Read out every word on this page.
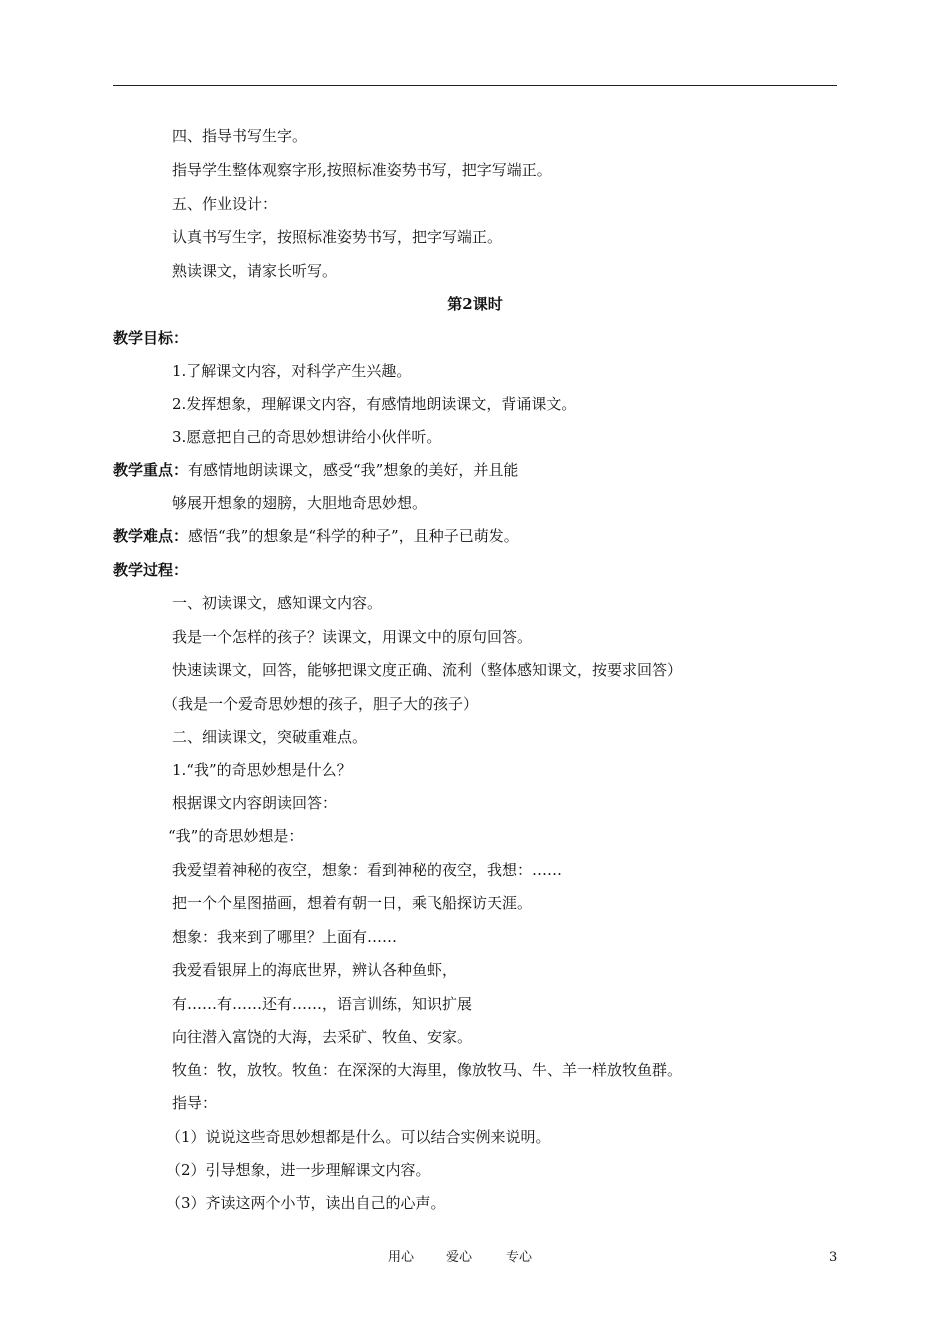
四、指导书写生字。
指导学生整体观察字形,按照标准姿势书写，把字写端正。
五、作业设计：
认真书写生字，按照标准姿势书写，把字写端正。
熟读课文，请家长听写。
第2课时
教学目标：
1.了解课文内容，对科学产生兴趣。
2.发挥想象，理解课文内容，有感情地朗读课文，背诵课文。
3.愿意把自己的奇思妙想讲给小伙伴听。
教学重点：有感情地朗读课文，感受“我”想象的美好，并且能
够展开想象的翅膀，大胆地奇思妙想。
教学难点：感悟“我”的想象是“科学的种子”，且种子已萌发。
教学过程：
一、初读课文，感知课文内容。
我是一个怎样的孩子？读课文，用课文中的原句回答。
快速读课文，回答，能够把课文度正确、流利（整体感知课文，按要求回答）
（我是一个爱奇思妙想的孩子，胆子大的孩子）
二、细读课文，突破重难点。
1.“我”的奇思妙想是什么？
根据课文内容朗读回答：
“我”的奇思妙想是：
我爱望着神秘的夜空，想象：看到神秘的夜空，我想：……
把一个个星图描画，想着有朝一日，乘飞船探访天涯。
想象：我来到了哪里？上面有……
我爱看银屏上的海底世界，辨认各种鱼虾，
有……有……还有……，语言训练，知识扩展
向往潜入富饶的大海，去采矿、牧鱼、安家。
牧鱼：牧，放牧。牧鱼：在深深的大海里，像放牧马、牛、羊一样放牧鱼群。
指导：
（1）说说这些奇思妙想都是什么。可以结合实例来说明。
（2）引导想象，进一步理解课文内容。
（3）齐读这两个小节，读出自己的心声。
用心 爱心	专心	3
